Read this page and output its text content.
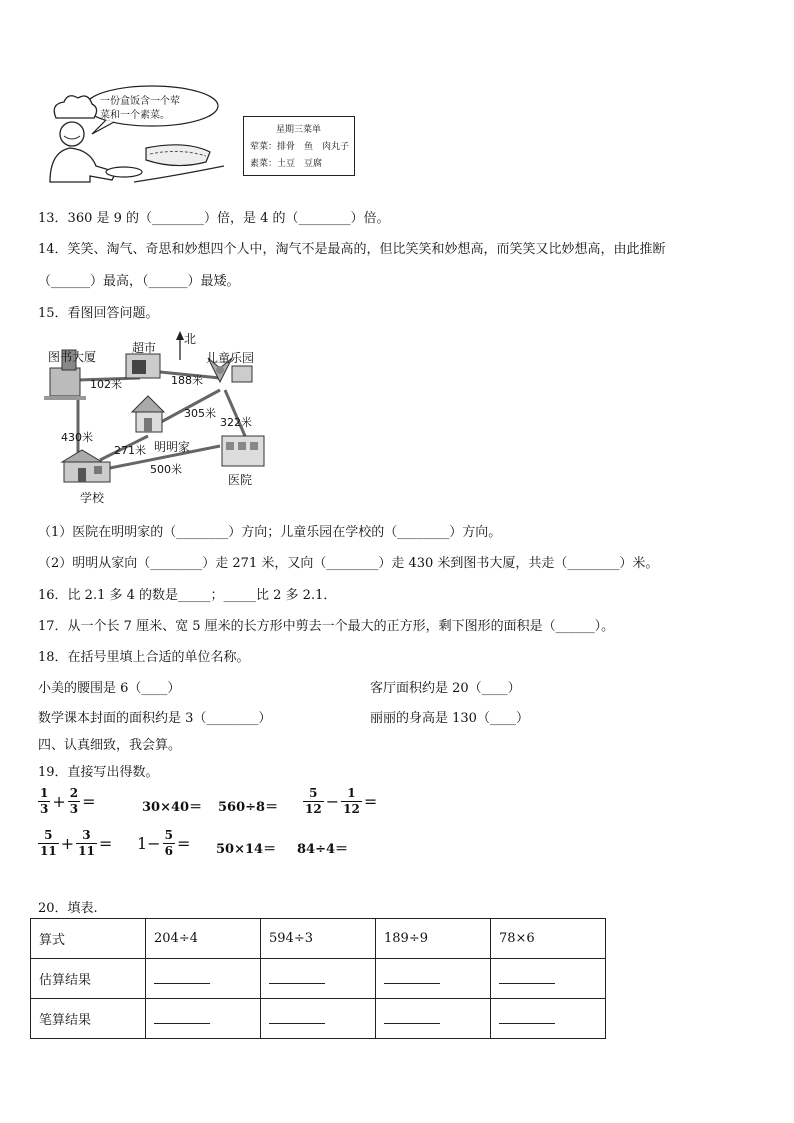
一份盒饭含一个荤
菜和一个素菜。
星期三菜单
荤菜：排骨　鱼　肉丸子
素菜：土豆　豆腐
13．360 是 9 的（________）倍，是 4 的（________）倍。
14．笑笑、淘气、奇思和妙想四个人中，淘气不是最高的，但比笑笑和妙想高，而笑笑又比妙想高，由此推断
（______）最高，（______）最矮。
15．看图回答问题。
北
图书大厦
超市
儿童乐园
102米	188米
305米
322米
430米
明明家
271米
500米
医院
学校
（1）医院在明明家的（________）方向；儿童乐园在学校的（________）方向。
（2）明明从家向（________）走 271 米，又向（________）走 430 米到图书大厦，共走（________）米。
16．比 2.1 多 4 的数是_____；_____比 2 多 2.1．
17．从一个长 7 厘米、宽 5 厘米的长方形中剪去一个最大的正方形，剩下图形的面积是（______）。
18．在括号里填上合适的单位名称。
小美的腰围是 6（____）	客厅面积约是 20（____）
数学课本封面的面积约是 3（________）	丽丽的身高是 130（____）
四、认真细致，我会算。
19．直接写出得数。
$\frac{1}{3} + \frac{2}{3}$ =	$30\times 40= 560\div 8= \frac{5}{12} - \frac{1}{12}$ =
$\frac{5}{11} + \frac{3}{11} = 1- \frac{5}{6} = 50\times 14= 84\div 4=$
20．填表.
算式	204÷4	594÷3	189÷9	78×6
估算结果				
笔算结果				
